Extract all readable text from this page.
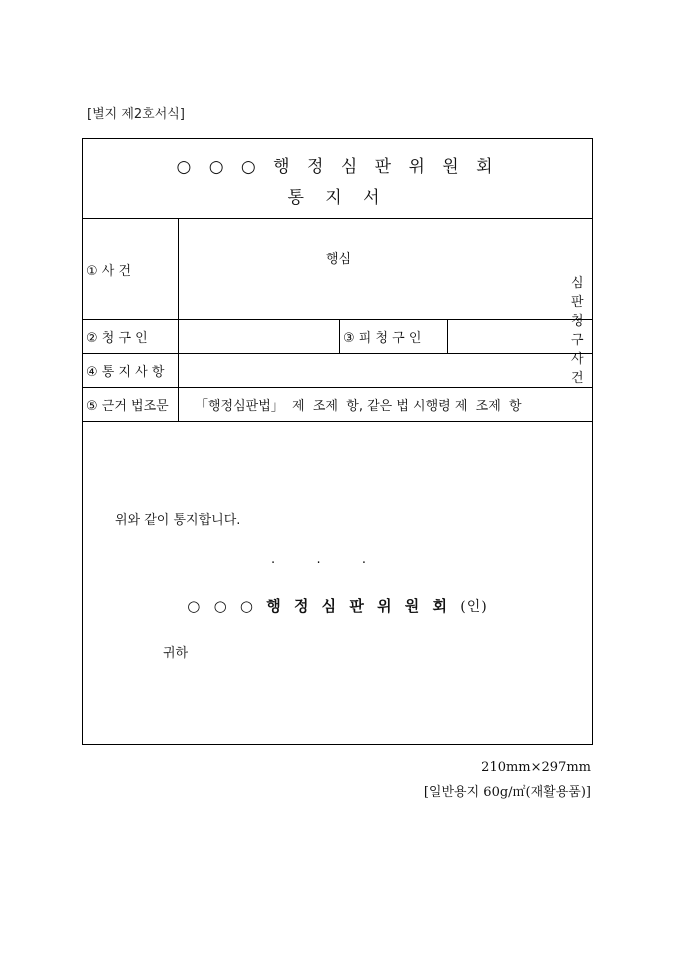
[별지 제2호서식]
○ ○ ○ 행 정 심 판 위 원 회
통 지 서
① 사 건
행심
심판청구사건
② 청 구 인	③ 피 청 구 인
④ 통 지 사 항
⑤ 근거 법조문	「행정심판법」  제  조제  항, 같은 법 시행령 제  조제  항
위와 같이 통지합니다.
.          .          .
○ ○ ○ 행 정 심 판 위 원 회 (인)
귀하
210mm×297mm
[일반용지 60g/㎡(재활용품)]
